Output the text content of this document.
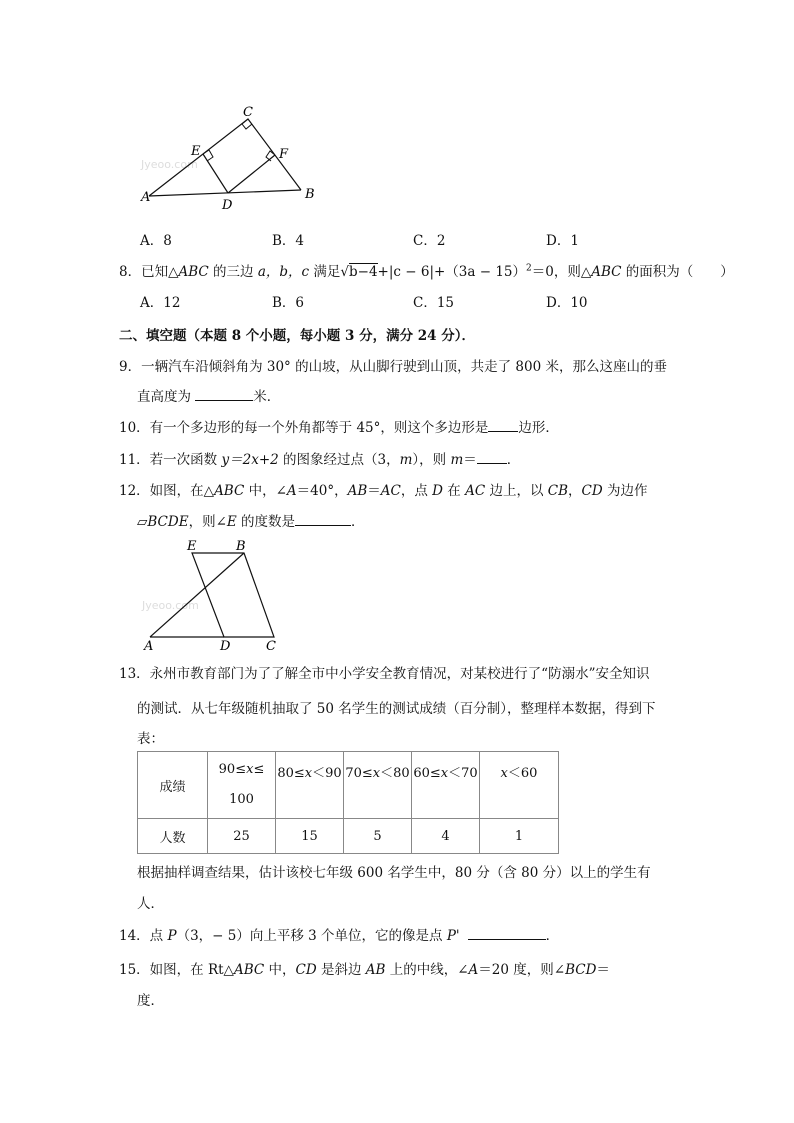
Jyeoo.com
C
E	F
A
D
B
A．8	B．4	C．2	D．1
8．已知△ABC 的三边 a，b，c 满足$√b-4+|c - 6|+(3a - 15)^2=0$，则△ABC 的面积为（　　）
A．12	B．6	C．15	D．10
二、填空题（本题 8 个小题，每小题 3 分，满分 24 分）．
9．一辆汽车沿倾斜角为 30° 的山坡，从山脚行驶到山顶，共走了 800 米，那么这座山的垂
直高度为	米．
10．有一个多边形的每一个外角都等于 45°，则这个多边形是 边形．
11．若一次函数 y＝2x+2 的图象经过点（3，m），则 m＝ ．
12．如图，在△ABC 中，∠A＝40°，AB＝AC，点 D 在 AC 边上，以 CB，CD 为边作
▱BCDE，则∠E 的度数是	．
Jyeoo.com
E	B
A	D	C
13．永州市教育部门为了了解全市中小学安全教育情况，对某校进行了“防溺水”安全知识
的测试．从七年级随机抽取了 50 名学生的测试成绩（百分制），整理样本数据，得到下
表：
成绩	90≤x≤
100	80≤x＜90	70≤x＜80	60≤x＜70	x＜60
人数	25	15	5	4	1
根据抽样调查结果，估计该校七年级 600 名学生中，80 分（含 80 分）以上的学生有
人．
14．点 P（3，− 5）向上平移 3 个单位，它的像是点 P'	．
15．如图，在 Rt△ABC 中，CD 是斜边 AB 上的中线，∠A＝20 度，则∠BCD＝
度．
